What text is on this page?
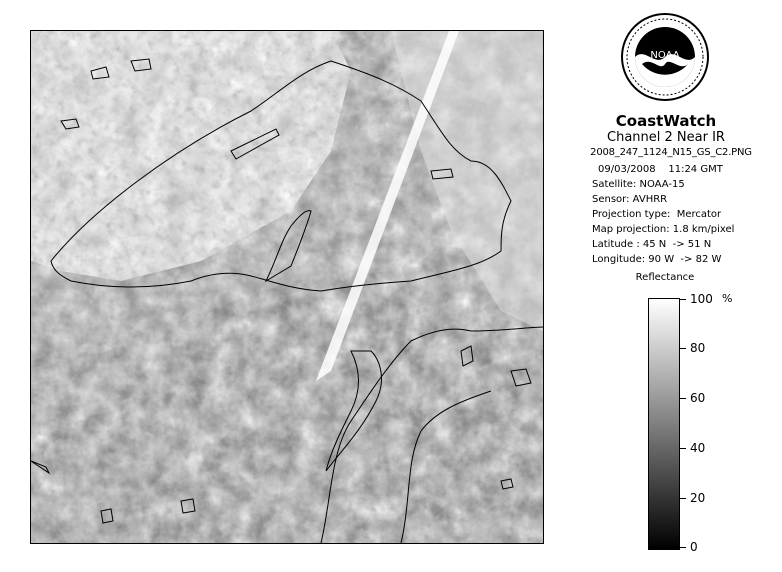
NOAA
CoastWatch
Channel 2 Near IR
2008_247_1124_N15_GS_C2.PNG
09/03/2008    11:24 GMT
Satellite: NOAA-15
Sensor: AVHRR
Projection type:  Mercator
Map projection: 1.8 km/pixel
Latitude : 45 N  -> 51 N
Longitude: 90 W  -> 82 W
Reflectance
%
100
80
60
40
20
0
